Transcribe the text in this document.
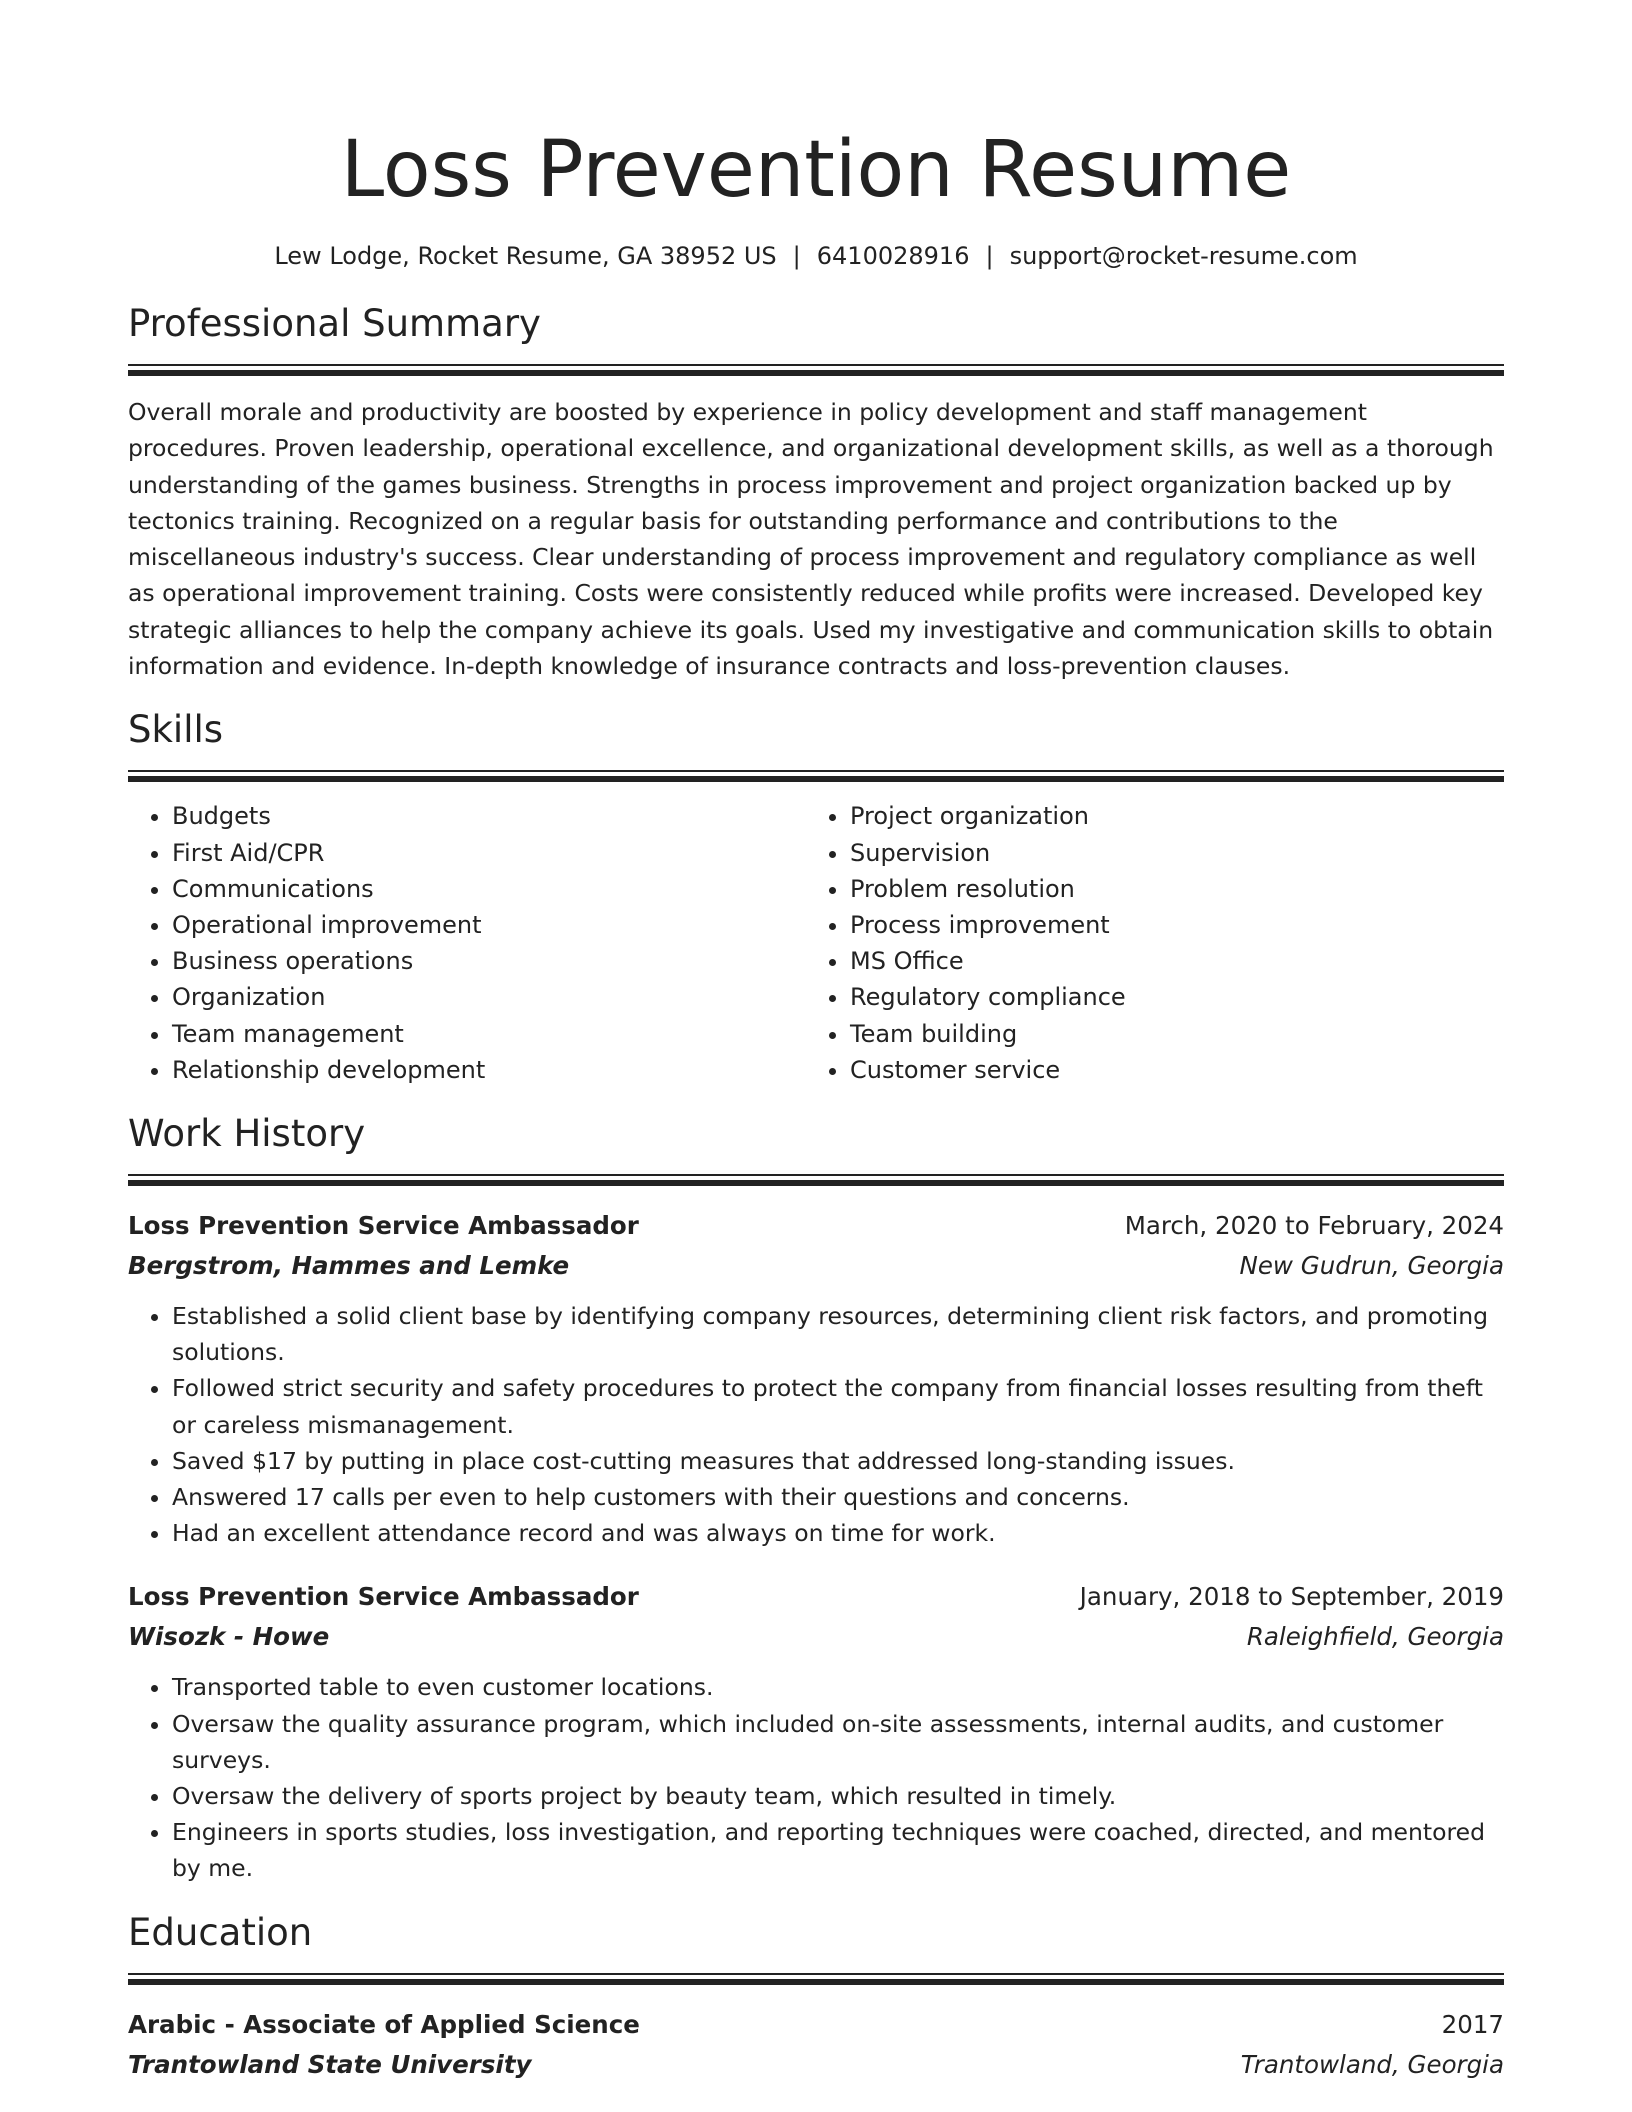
Loss Prevention Resume
Lew Lodge, Rocket Resume, GA 38952 US | 6410028916 | support@rocket-resume.com
Professional Summary

Overall morale and productivity are boosted by experience in policy development and staff management procedures. Proven leadership, operational excellence, and organizational development skills, as well as a thorough understanding of the games business. Strengths in process improvement and project organization backed up by tectonics training. Recognized on a regular basis for outstanding performance and contributions to the miscellaneous industry's success. Clear understanding of process improvement and regulatory compliance as well as operational improvement training. Costs were consistently reduced while profits were increased. Developed key strategic alliances to help the company achieve its goals. Used my investigative and communication skills to obtain information and evidence. In-depth knowledge of insurance contracts and loss-prevention clauses.

Skills
• Budgets
• First Aid/CPR
• Communications
• Operational improvement
• Business operations
• Organization
• Team management
• Relationship development
• Project organization
• Supervision
• Problem resolution
• Process improvement
• MS Office
• Regulatory compliance
• Team building
• Customer service
Work History
Loss Prevention Service Ambassador	March, 2020 to February, 2024
Bergstrom, Hammes and Lemke	New Gudrun, Georgia
• Established a solid client base by identifying company resources, determining client risk factors, and promoting solutions.
• Followed strict security and safety procedures to protect the company from financial losses resulting from theft or careless mismanagement.
• Saved $17 by putting in place cost-cutting measures that addressed long-standing issues.
• Answered 17 calls per even to help customers with their questions and concerns.
• Had an excellent attendance record and was always on time for work.
Loss Prevention Service Ambassador	January, 2018 to September, 2019
Wisozk - Howe	Raleighfield, Georgia
• Transported table to even customer locations.
• Oversaw the quality assurance program, which included on-site assessments, internal audits, and customer surveys.
• Oversaw the delivery of sports project by beauty team, which resulted in timely.
• Engineers in sports studies, loss investigation, and reporting techniques were coached, directed, and mentored by me.
Education
Arabic - Associate of Applied Science	2017
Trantowland State University	Trantowland, Georgia
